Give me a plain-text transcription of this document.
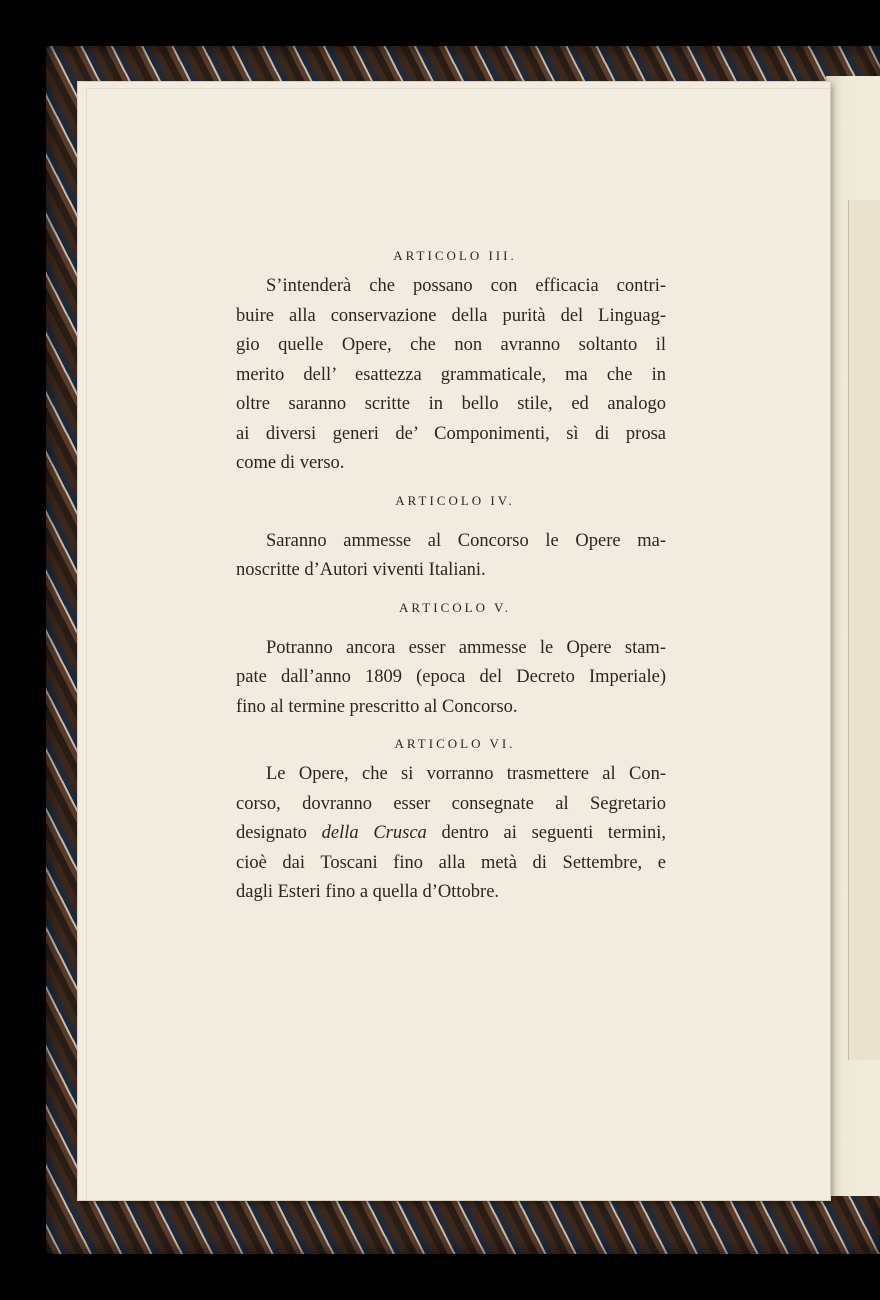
ARTICOLO III.
S’intenderà che possano con efficacia contri-
buire alla conservazione della purità del Linguag-
gio quelle Opere, che non avranno soltanto il
merito dell’ esattezza grammaticale, ma che in
oltre saranno scritte in bello stile, ed analogo
ai diversi generi de’ Componimenti, sì di prosa
come di verso.
ARTICOLO IV.
Saranno ammesse al Concorso le Opere ma-
noscritte d’Autori viventi Italiani.
ARTICOLO V.
Potranno ancora esser ammesse le Opere stam-
pate dall’anno 1809 (epoca del Decreto Imperiale)
fino al termine prescritto al Concorso.
ARTICOLO VI.
Le Opere, che si vorranno trasmettere al Con-
corso, dovranno esser consegnate al Segretario
designato della Crusca dentro ai seguenti termini,
cioè dai Toscani fino alla metà di Settembre, e
dagli Esteri fino a quella d’Ottobre.
